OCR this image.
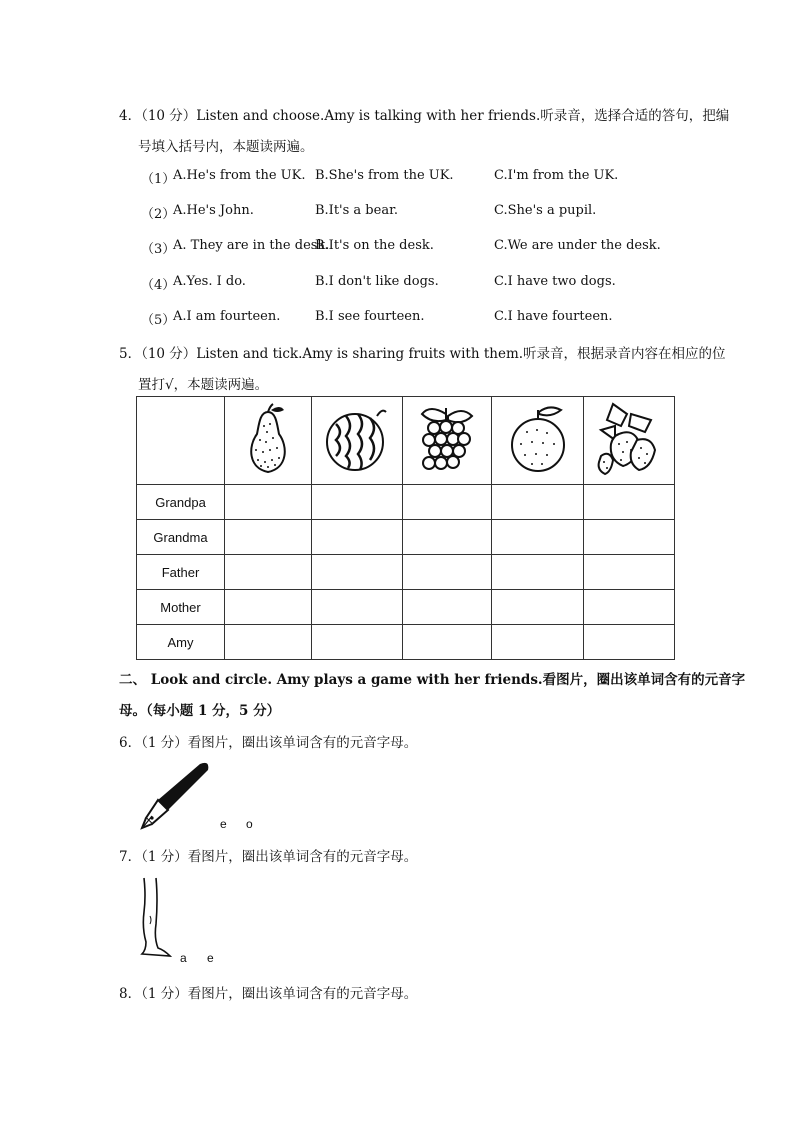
4．（10 分）Listen and choose.Amy is talking with her friends.听录音，选择合适的答句，把编
号填入括号内，本题读两遍。
（1）
A.He's from the UK. B.She's from the UK.	C.I'm from the UK.
（2）
A.He's John.	B.It's a bear.	C.She's a pupil.
（3）
A. They are in the desk.
B.It's on the desk.	C.We are under the desk.
（4）
A.Yes. I do.	B.I don't like dogs.	C.I have two dogs.
（5）
A.I am fourteen.	B.I see fourteen.	C.I have fourteen.
5．（10 分）Listen and tick.Amy is sharing fruits with them.听录音，根据录音内容在相应的位
置打√，本题读两遍。

Grandpa					
Grandma					
Father					
Mother					
Amy					
二、 Look and circle. Amy plays a game with her friends.看图片，圈出该单词含有的元音字
母。（每小题 1 分，5 分）
6．（1 分）看图片，圈出该单词含有的元音字母。
e o
7．（1 分）看图片，圈出该单词含有的元音字母。
a e
8．（1 分）看图片，圈出该单词含有的元音字母。
